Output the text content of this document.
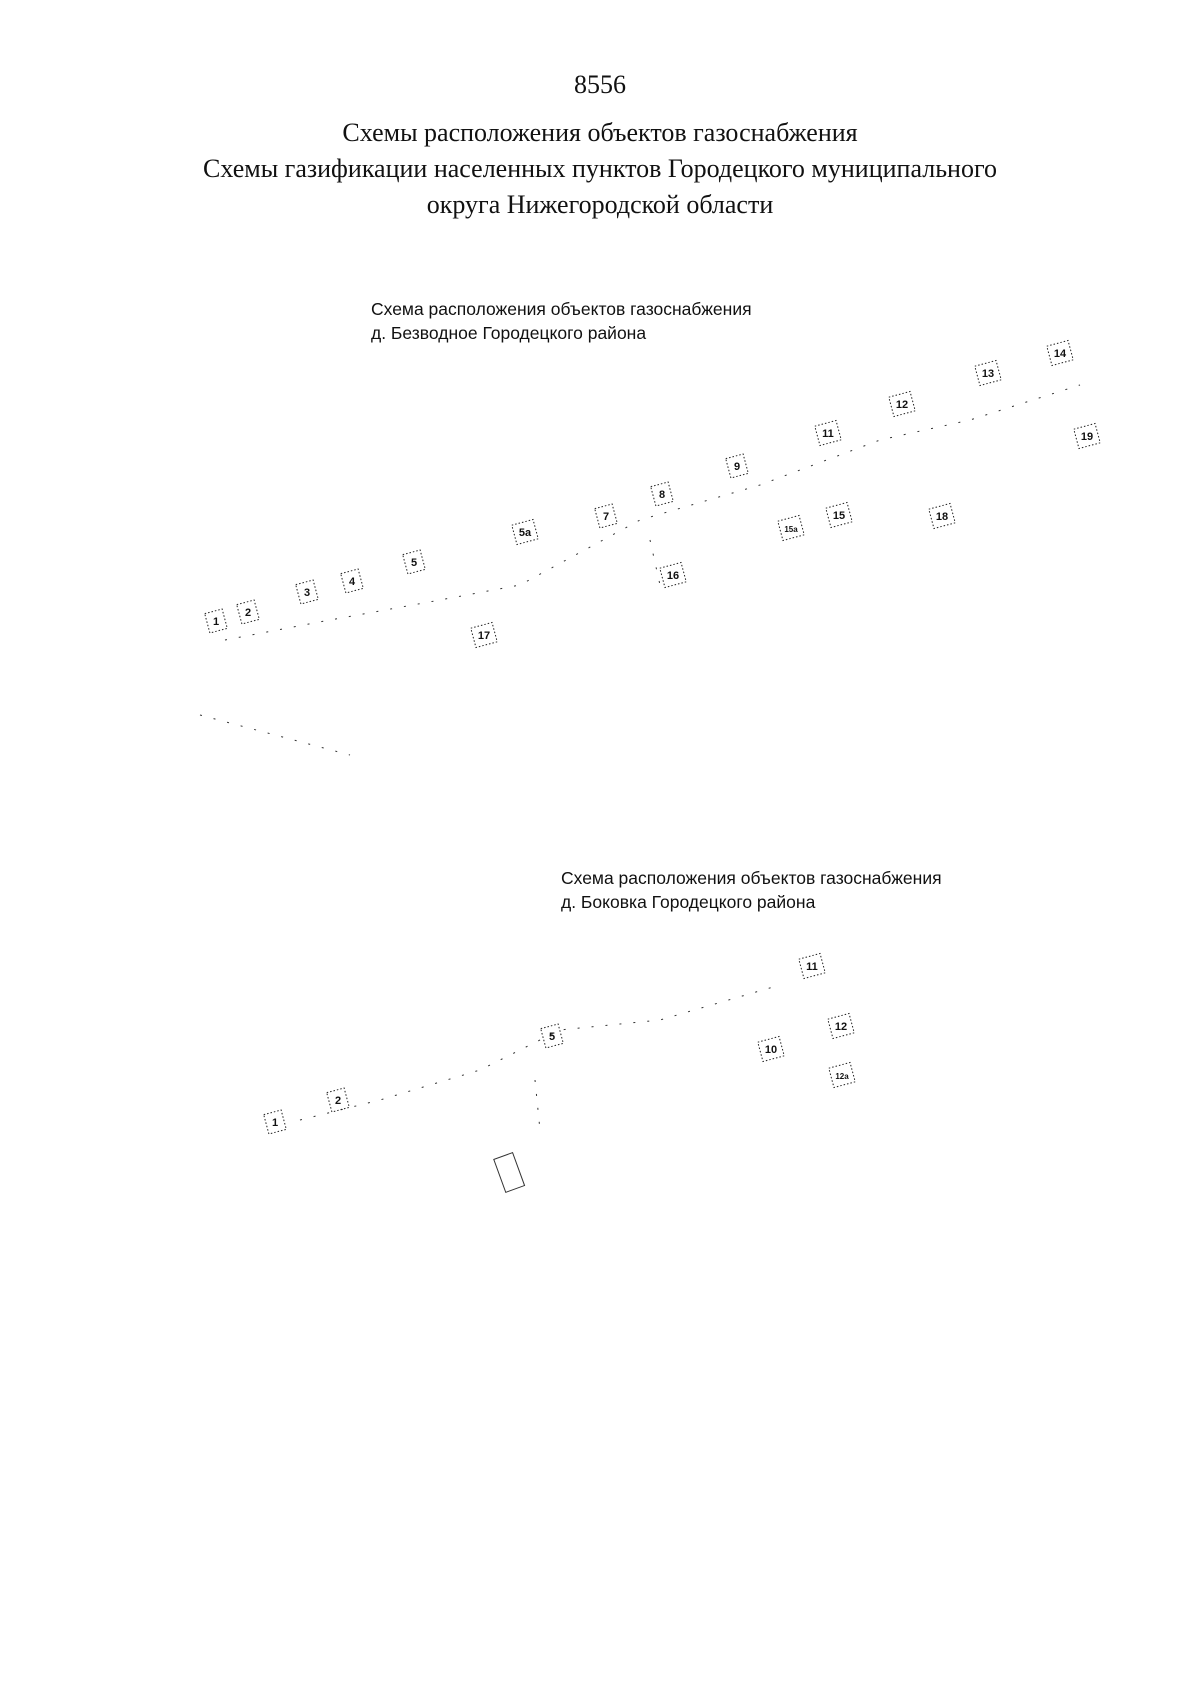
8556
Схемы расположения объектов газоснабжения
Схемы газификации населенных пунктов Городецкого муниципального
округа Нижегородской области
Схема расположения объектов газоснабжения
д. Безводное Городецкого района
Схема расположения объектов газоснабжения
д. Боковка Городецкого района
1
2
3
4
5
5а
7
8
9
11
12
13
14
15а
15
16
17
18
19
1
2
5
10
11
12
12а
